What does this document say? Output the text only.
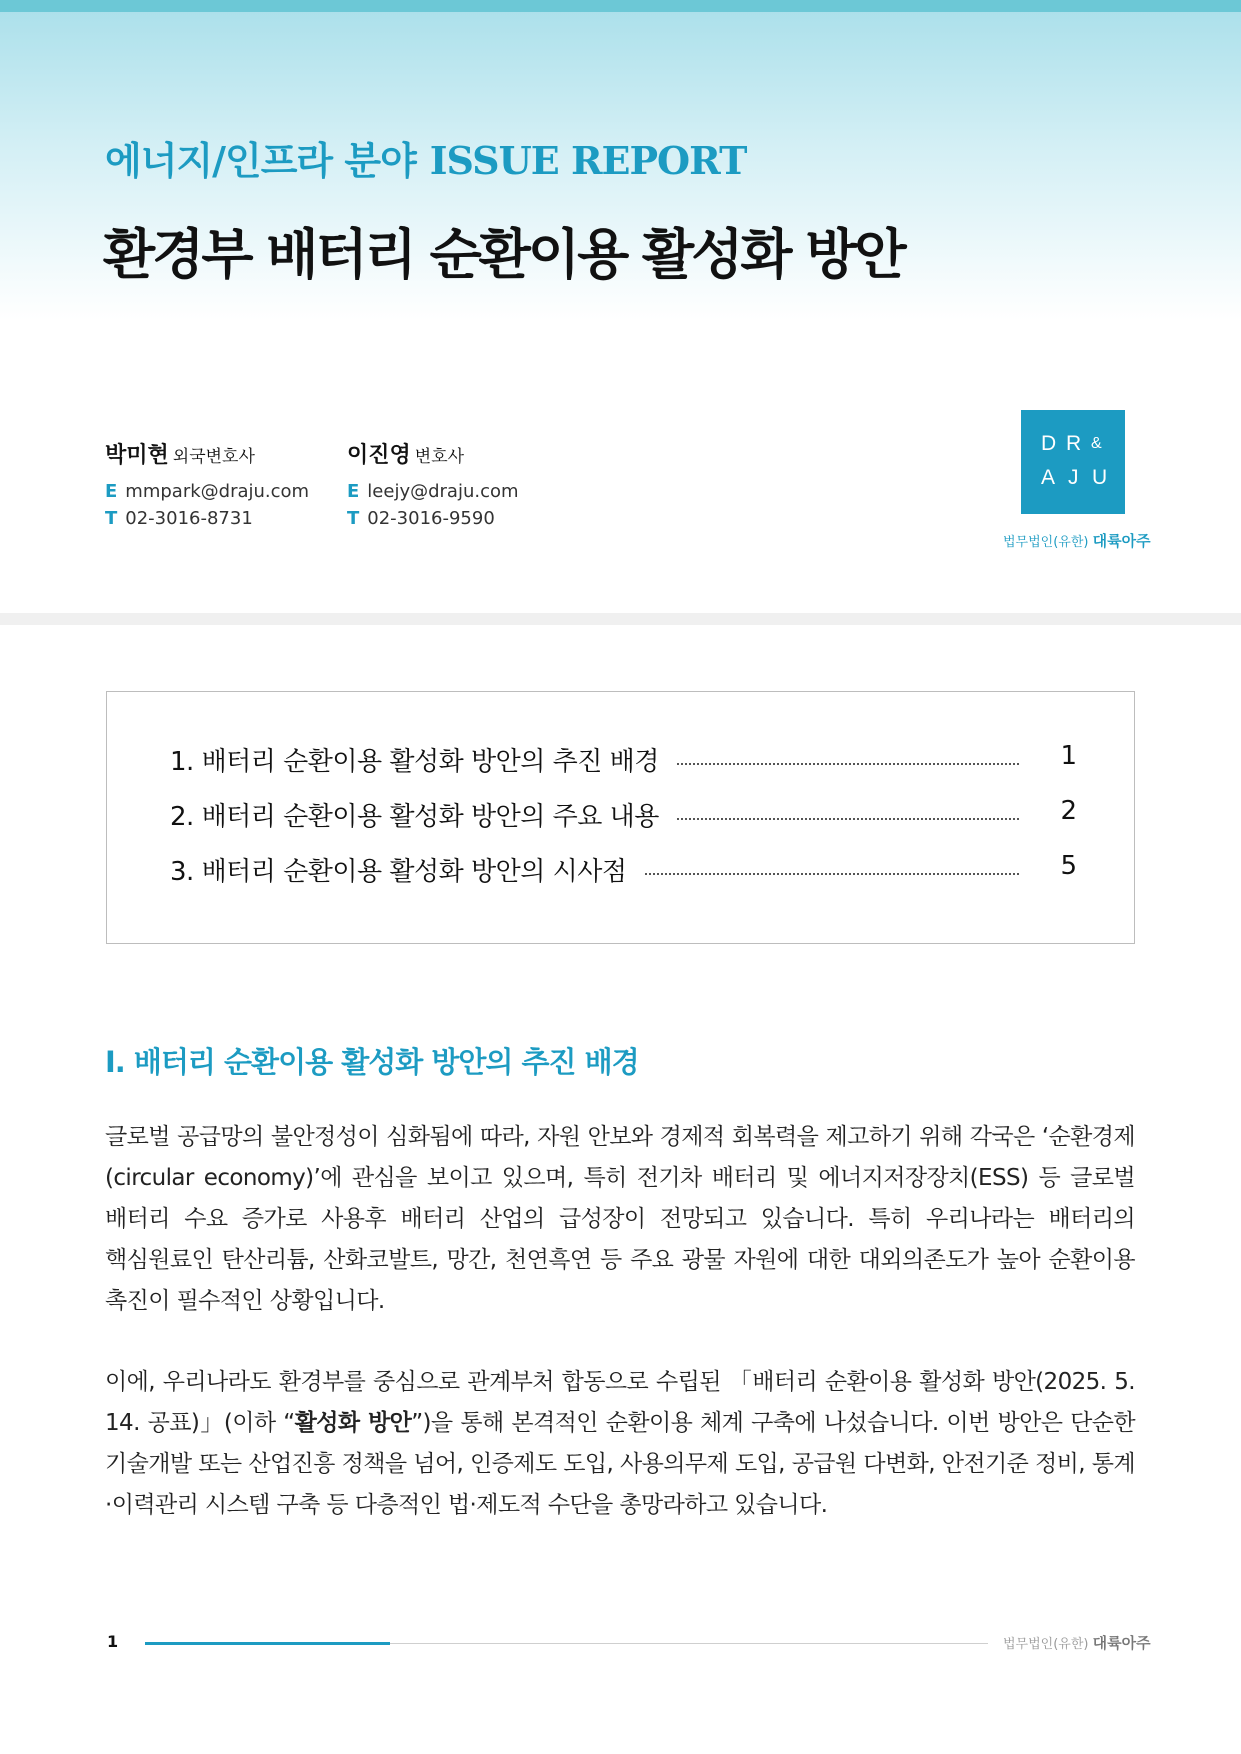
에너지/인프라 분야 ISSUE REPORT
환경부 배터리 순환이용 활성화 방안
박미현 외국변호사
E mmpark@draju.com
T 02-3016-8731
이진영 변호사
E leejy@draju.com
T 02-3016-9590
D R &
A J U
법무법인(유한) 대륙아주
1. 배터리 순환이용 활성화 방안의 추진 배경	1
2. 배터리 순환이용 활성화 방안의 주요 내용	2
3. 배터리 순환이용 활성화 방안의 시사점	5
I. 배터리 순환이용 활성화 방안의 추진 배경

글로벌 공급망의 불안정성이 심화됨에 따라, 자원 안보와 경제적 회복력을 제고하기 위해 각국은 ‘순환경제(circular economy)’에 관심을 보이고 있으며, 특히 전기차 배터리 및 에너지저장장치(ESS) 등 글로벌 배터리 수요 증가로 사용후 배터리 산업의 급성장이 전망되고 있습니다. 특히 우리나라는 배터리의 핵심원료인 탄산리튬, 산화코발트, 망간, 천연흑연 등 주요 광물 자원에 대한 대외의존도가 높아 순환이용 촉진이 필수적인 상황입니다.

이에, 우리나라도 환경부를 중심으로 관계부처 합동으로 수립된 「배터리 순환이용 활성화 방안(2025. 5. 14. 공표)」(이하 “활성화 방안”)을 통해 본격적인 순환이용 체계 구축에 나섰습니다. 이번 방안은 단순한 기술개발 또는 산업진흥 정책을 넘어, 인증제도 도입, 사용의무제 도입, 공급원 다변화, 안전기준 정비, 통계·이력관리 시스템 구축 등 다층적인 법·제도적 수단을 총망라하고 있습니다.

1	법무법인(유한) 대륙아주
